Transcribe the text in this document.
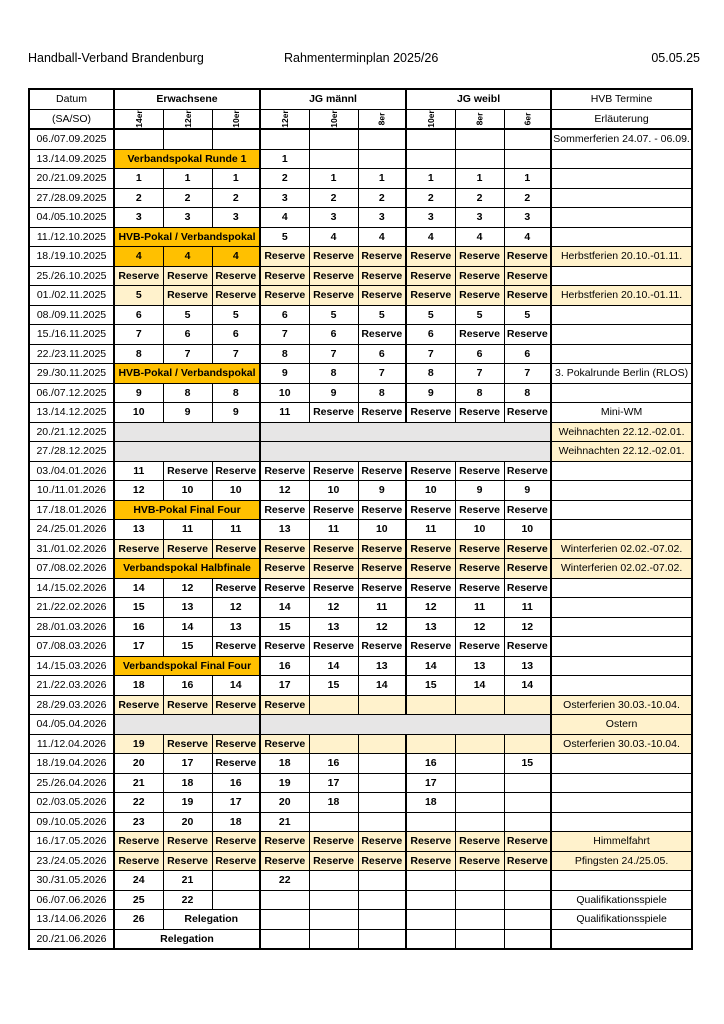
Handball-Verband Brandenburg	Rahmenterminplan 2025/26	05.05.25
Datum	Erwachsene			JG männl			JG weibl			HVB Termine
(SA/SO)	14er	12er	10er	12er	10er	8er	10er	8er	6er	Erläuterung
06./07.09.2025										Sommerferien 24.07. - 06.09.
13./14.09.2025	Verbandspokal Runde 1			1						
20./21.09.2025	1	1	1	2	1	1	1	1	1	
27./28.09.2025	2	2	2	3	2	2	2	2	2	
04./05.10.2025	3	3	3	4	3	3	3	3	3	
11./12.10.2025	HVB-Pokal / Verbandspokal			5	4	4	4	4	4	
18./19.10.2025	4	4	4	Reserve	Reserve	Reserve	Reserve	Reserve	Reserve	Herbstferien 20.10.-01.11.
25./26.10.2025	Reserve	Reserve	Reserve	Reserve	Reserve	Reserve	Reserve	Reserve	Reserve	
01./02.11.2025	5	Reserve	Reserve	Reserve	Reserve	Reserve	Reserve	Reserve	Reserve	Herbstferien 20.10.-01.11.
08./09.11.2025	6	5	5	6	5	5	5	5	5	
15./16.11.2025	7	6	6	7	6	Reserve	6	Reserve	Reserve	
22./23.11.2025	8	7	7	8	7	6	7	6	6	
29./30.11.2025	HVB-Pokal / Verbandspokal			9	8	7	8	7	7	3. Pokalrunde Berlin (RLOS)
06./07.12.2025	9	8	8	10	9	8	9	8	8	
13./14.12.2025	10	9	9	11	Reserve	Reserve	Reserve	Reserve	Reserve	Mini-WM
20./21.12.2025										Weihnachten 22.12.-02.01.
27./28.12.2025										Weihnachten 22.12.-02.01.
03./04.01.2026	11	Reserve	Reserve	Reserve	Reserve	Reserve	Reserve	Reserve	Reserve	
10./11.01.2026	12	10	10	12	10	9	10	9	9	
17./18.01.2026	HVB-Pokal Final Four			Reserve	Reserve	Reserve	Reserve	Reserve	Reserve	
24./25.01.2026	13	11	11	13	11	10	11	10	10	
31./01.02.2026	Reserve	Reserve	Reserve	Reserve	Reserve	Reserve	Reserve	Reserve	Reserve	Winterferien 02.02.-07.02.
07./08.02.2026	Verbandspokal Halbfinale			Reserve	Reserve	Reserve	Reserve	Reserve	Reserve	Winterferien 02.02.-07.02.
14./15.02.2026	14	12	Reserve	Reserve	Reserve	Reserve	Reserve	Reserve	Reserve	
21./22.02.2026	15	13	12	14	12	11	12	11	11	
28./01.03.2026	16	14	13	15	13	12	13	12	12	
07./08.03.2026	17	15	Reserve	Reserve	Reserve	Reserve	Reserve	Reserve	Reserve	
14./15.03.2026	Verbandspokal Final Four			16	14	13	14	13	13	
21./22.03.2026	18	16	14	17	15	14	15	14	14	
28./29.03.2026	Reserve	Reserve	Reserve	Reserve						Osterferien 30.03.-10.04.
04./05.04.2026										Ostern
11./12.04.2026	19	Reserve	Reserve	Reserve						Osterferien 30.03.-10.04.
18./19.04.2026	20	17	Reserve	18	16		16		15	
25./26.04.2026	21	18	16	19	17		17			
02./03.05.2026	22	19	17	20	18		18			
09./10.05.2026	23	20	18	21						
16./17.05.2026	Reserve	Reserve	Reserve	Reserve	Reserve	Reserve	Reserve	Reserve	Reserve	Himmelfahrt
23./24.05.2026	Reserve	Reserve	Reserve	Reserve	Reserve	Reserve	Reserve	Reserve	Reserve	Pfingsten 24./25.05.
30./31.05.2026	24	21		22						
06./07.06.2026	25	22								Qualifikationsspiele
13./14.06.2026	26	Relegation								Qualifikationsspiele
20./21.06.2026	Relegation									
